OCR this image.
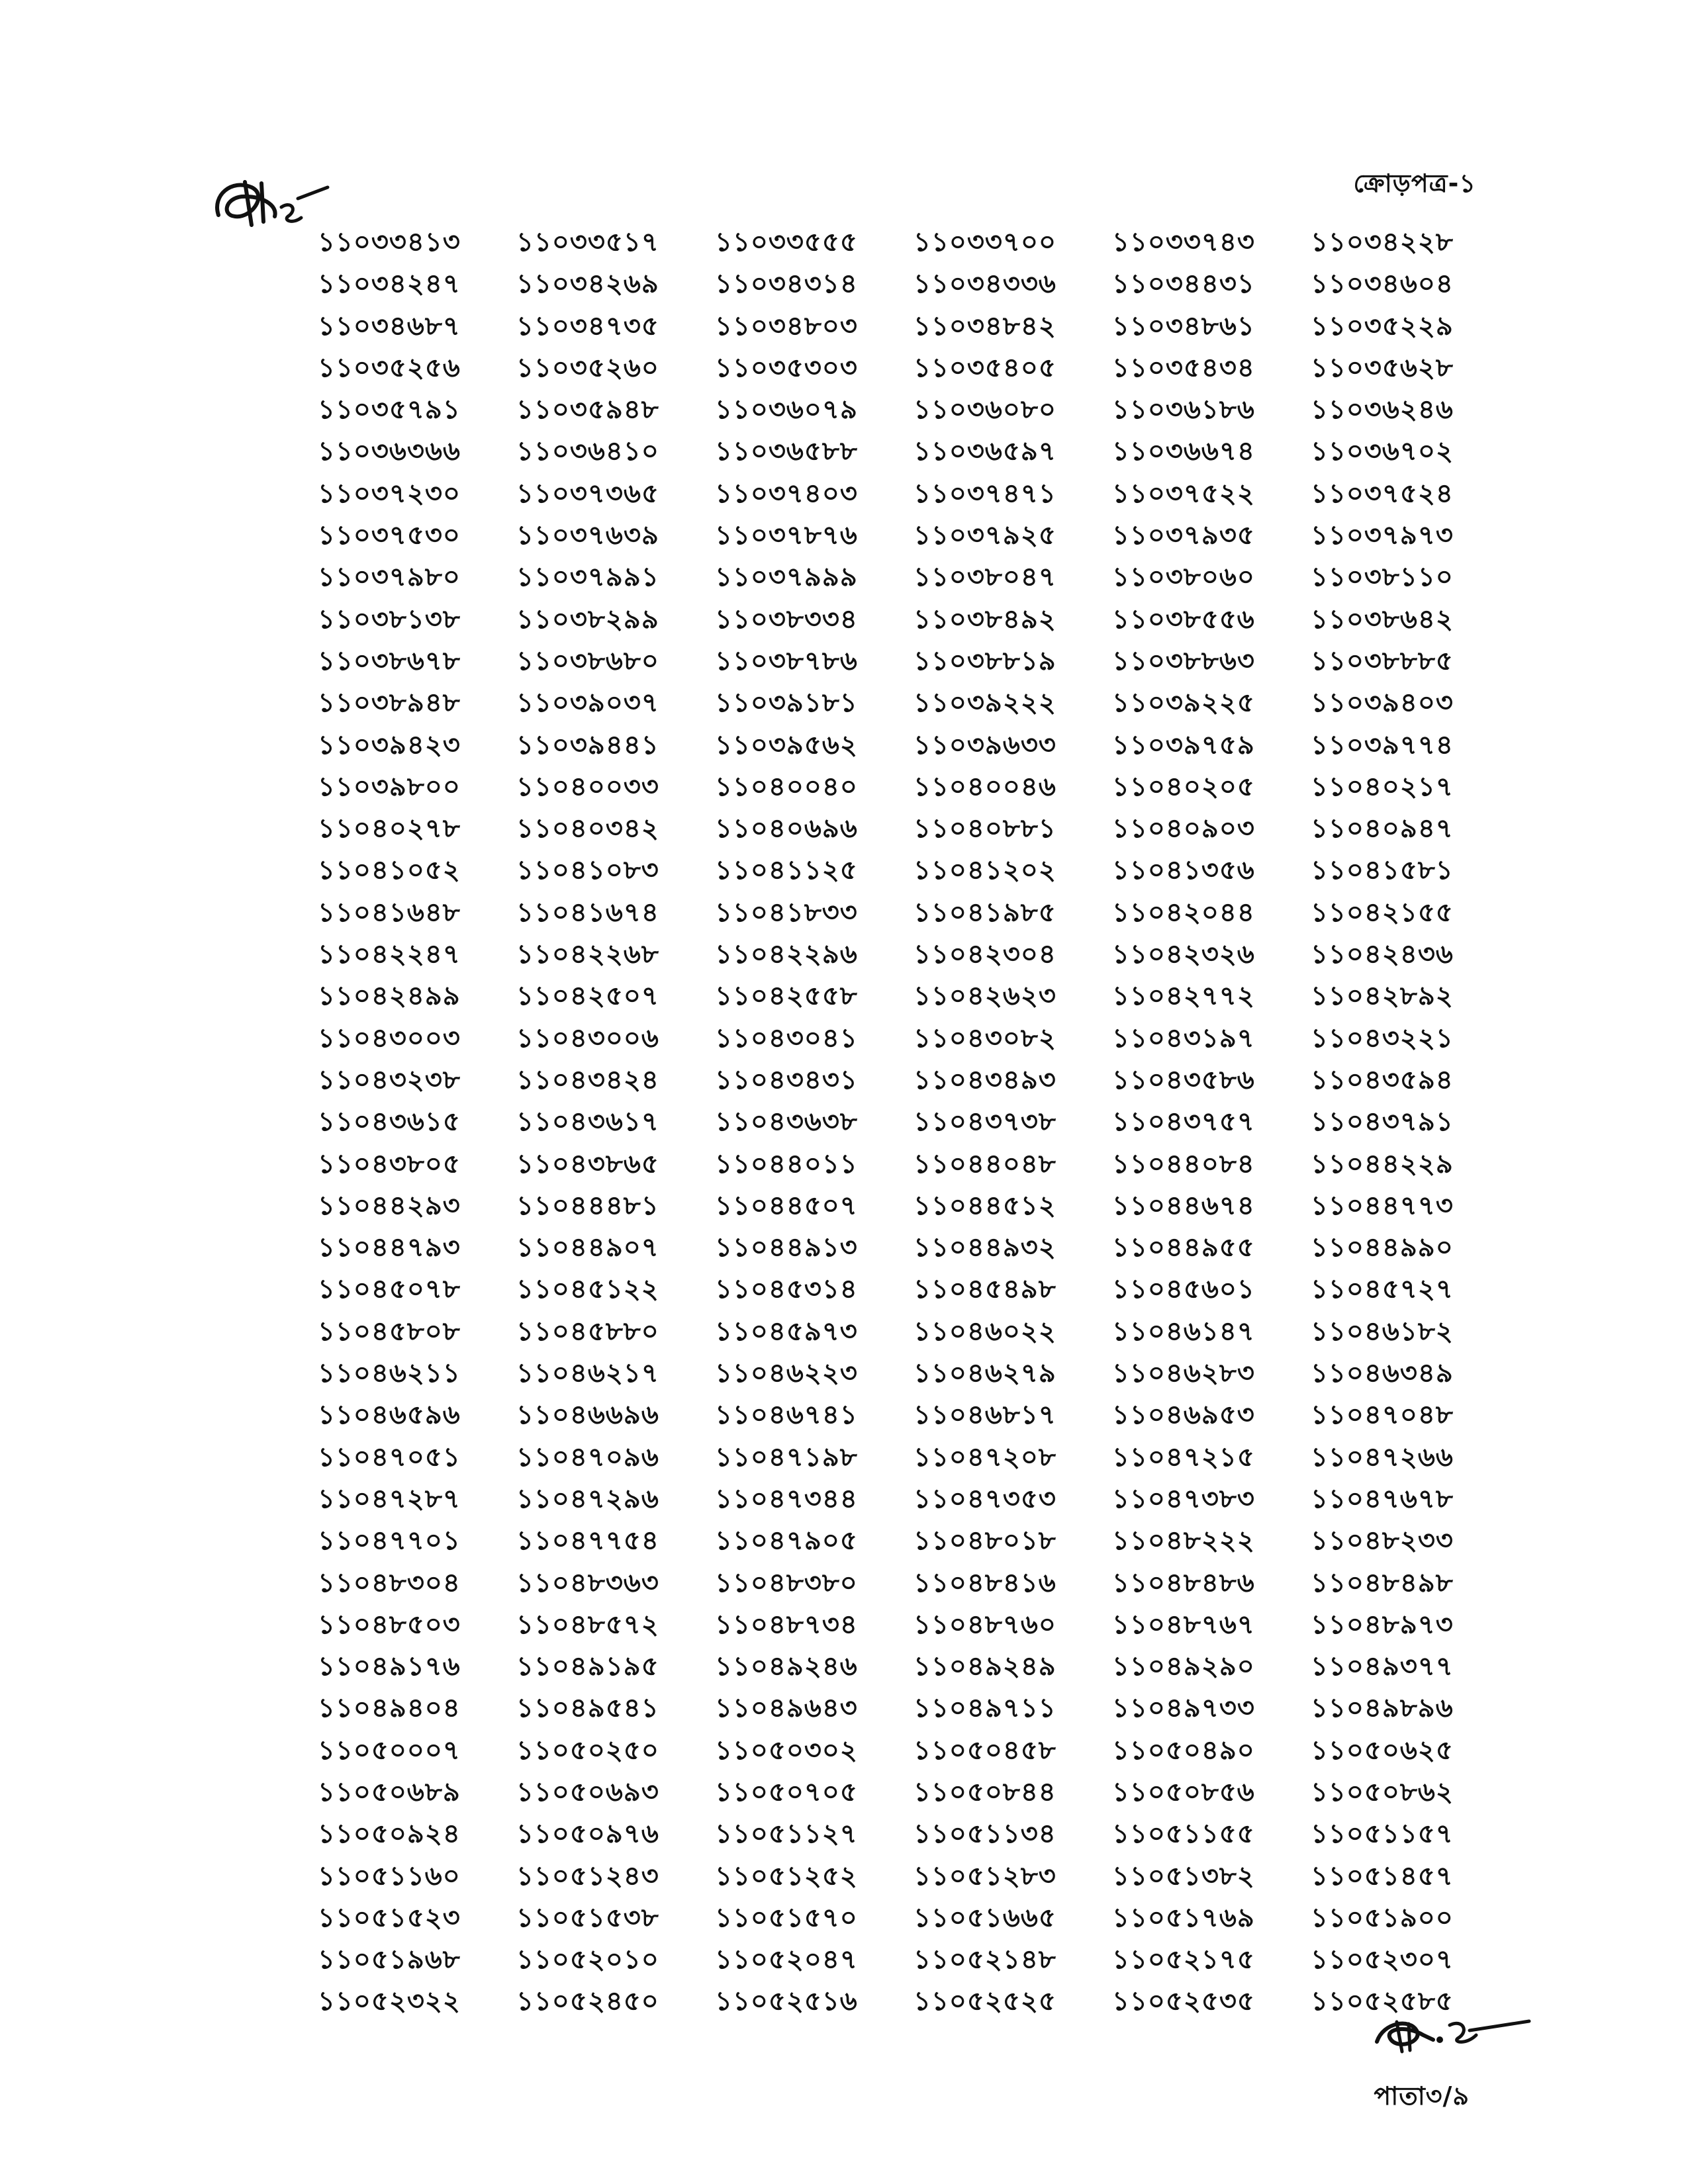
ক্রোড়পত্র-১
১১০৩৩৪১৩	১১০৩৩৫১৭	১১০৩৩৫৫৫	১১০৩৩৭০০	১১০৩৩৭৪৩	১১০৩৪২২৮
১১০৩৪২৪৭	১১০৩৪২৬৯	১১০৩৪৩১৪	১১০৩৪৩৩৬	১১০৩৪৪৩১	১১০৩৪৬০৪
১১০৩৪৬৮৭	১১০৩৪৭৩৫	১১০৩৪৮০৩	১১০৩৪৮৪২	১১০৩৪৮৬১	১১০৩৫২২৯
১১০৩৫২৫৬	১১০৩৫২৬০	১১০৩৫৩০৩	১১০৩৫৪০৫	১১০৩৫৪৩৪	১১০৩৫৬২৮
১১০৩৫৭৯১	১১০৩৫৯৪৮	১১০৩৬০৭৯	১১০৩৬০৮০	১১০৩৬১৮৬	১১০৩৬২৪৬
১১০৩৬৩৬৬	১১০৩৬৪১০	১১০৩৬৫৮৮	১১০৩৬৫৯৭	১১০৩৬৬৭৪	১১০৩৬৭০২
১১০৩৭২৩০	১১০৩৭৩৬৫	১১০৩৭৪০৩	১১০৩৭৪৭১	১১০৩৭৫২২	১১০৩৭৫২৪
১১০৩৭৫৩০	১১০৩৭৬৩৯	১১০৩৭৮৭৬	১১০৩৭৯২৫	১১০৩৭৯৩৫	১১০৩৭৯৭৩
১১০৩৭৯৮০	১১০৩৭৯৯১	১১০৩৭৯৯৯	১১০৩৮০৪৭	১১০৩৮০৬০	১১০৩৮১১০
১১০৩৮১৩৮	১১০৩৮২৯৯	১১০৩৮৩৩৪	১১০৩৮৪৯২	১১০৩৮৫৫৬	১১০৩৮৬৪২
১১০৩৮৬৭৮	১১০৩৮৬৮০	১১০৩৮৭৮৬	১১০৩৮৮১৯	১১০৩৮৮৬৩	১১০৩৮৮৮৫
১১০৩৮৯৪৮	১১০৩৯০৩৭	১১০৩৯১৮১	১১০৩৯২২২	১১০৩৯২২৫	১১০৩৯৪০৩
১১০৩৯৪২৩	১১০৩৯৪৪১	১১০৩৯৫৬২	১১০৩৯৬৩৩	১১০৩৯৭৫৯	১১০৩৯৭৭৪
১১০৩৯৮০০	১১০৪০০৩৩	১১০৪০০৪০	১১০৪০০৪৬	১১০৪০২০৫	১১০৪০২১৭
১১০৪০২৭৮	১১০৪০৩৪২	১১০৪০৬৯৬	১১০৪০৮৮১	১১০৪০৯০৩	১১০৪০৯৪৭
১১০৪১০৫২	১১০৪১০৮৩	১১০৪১১২৫	১১০৪১২০২	১১০৪১৩৫৬	১১০৪১৫৮১
১১০৪১৬৪৮	১১০৪১৬৭৪	১১০৪১৮৩৩	১১০৪১৯৮৫	১১০৪২০৪৪	১১০৪২১৫৫
১১০৪২২৪৭	১১০৪২২৬৮	১১০৪২২৯৬	১১০৪২৩০৪	১১০৪২৩২৬	১১০৪২৪৩৬
১১০৪২৪৯৯	১১০৪২৫০৭	১১০৪২৫৫৮	১১০৪২৬২৩	১১০৪২৭৭২	১১০৪২৮৯২
১১০৪৩০০৩	১১০৪৩০০৬	১১০৪৩০৪১	১১০৪৩০৮২	১১০৪৩১৯৭	১১০৪৩২২১
১১০৪৩২৩৮	১১০৪৩৪২৪	১১০৪৩৪৩১	১১০৪৩৪৯৩	১১০৪৩৫৮৬	১১০৪৩৫৯৪
১১০৪৩৬১৫	১১০৪৩৬১৭	১১০৪৩৬৩৮	১১০৪৩৭৩৮	১১০৪৩৭৫৭	১১০৪৩৭৯১
১১০৪৩৮০৫	১১০৪৩৮৬৫	১১০৪৪০১১	১১০৪৪০৪৮	১১০৪৪০৮৪	১১০৪৪২২৯
১১০৪৪২৯৩	১১০৪৪৪৮১	১১০৪৪৫০৭	১১০৪৪৫১২	১১০৪৪৬৭৪	১১০৪৪৭৭৩
১১০৪৪৭৯৩	১১০৪৪৯০৭	১১০৪৪৯১৩	১১০৪৪৯৩২	১১০৪৪৯৫৫	১১০৪৪৯৯০
১১০৪৫০৭৮	১১০৪৫১২২	১১০৪৫৩১৪	১১০৪৫৪৯৮	১১০৪৫৬০১	১১০৪৫৭২৭
১১০৪৫৮০৮	১১০৪৫৮৮০	১১০৪৫৯৭৩	১১০৪৬০২২	১১০৪৬১৪৭	১১০৪৬১৮২
১১০৪৬২১১	১১০৪৬২১৭	১১০৪৬২২৩	১১০৪৬২৭৯	১১০৪৬২৮৩	১১০৪৬৩৪৯
১১০৪৬৫৯৬	১১০৪৬৬৯৬	১১০৪৬৭৪১	১১০৪৬৮১৭	১১০৪৬৯৫৩	১১০৪৭০৪৮
১১০৪৭০৫১	১১০৪৭০৯৬	১১০৪৭১৯৮	১১০৪৭২০৮	১১০৪৭২১৫	১১০৪৭২৬৬
১১০৪৭২৮৭	১১০৪৭২৯৬	১১০৪৭৩৪৪	১১০৪৭৩৫৩	১১০৪৭৩৮৩	১১০৪৭৬৭৮
১১০৪৭৭০১	১১০৪৭৭৫৪	১১০৪৭৯০৫	১১০৪৮০১৮	১১০৪৮২২২	১১০৪৮২৩৩
১১০৪৮৩০৪	১১০৪৮৩৬৩	১১০৪৮৩৮০	১১০৪৮৪১৬	১১০৪৮৪৮৬	১১০৪৮৪৯৮
১১০৪৮৫০৩	১১০৪৮৫৭২	১১০৪৮৭৩৪	১১০৪৮৭৬০	১১০৪৮৭৬৭	১১০৪৮৯৭৩
১১০৪৯১৭৬	১১০৪৯১৯৫	১১০৪৯২৪৬	১১০৪৯২৪৯	১১০৪৯২৯০	১১০৪৯৩৭৭
১১০৪৯৪০৪	১১০৪৯৫৪১	১১০৪৯৬৪৩	১১০৪৯৭১১	১১০৪৯৭৩৩	১১০৪৯৮৯৬
১১০৫০০০৭	১১০৫০২৫০	১১০৫০৩০২	১১০৫০৪৫৮	১১০৫০৪৯০	১১০৫০৬২৫
১১০৫০৬৮৯	১১০৫০৬৯৩	১১০৫০৭০৫	১১০৫০৮৪৪	১১০৫০৮৫৬	১১০৫০৮৬২
১১০৫০৯২৪	১১০৫০৯৭৬	১১০৫১১২৭	১১০৫১১৩৪	১১০৫১১৫৫	১১০৫১১৫৭
১১০৫১১৬০	১১০৫১২৪৩	১১০৫১২৫২	১১০৫১২৮৩	১১০৫১৩৮২	১১০৫১৪৫৭
১১০৫১৫২৩	১১০৫১৫৩৮	১১০৫১৫৭০	১১০৫১৬৬৫	১১০৫১৭৬৯	১১০৫১৯০০
১১০৫১৯৬৮	১১০৫২০১০	১১০৫২০৪৭	১১০৫২১৪৮	১১০৫২১৭৫	১১০৫২৩০৭
১১০৫২৩২২	১১০৫২৪৫০	১১০৫২৫১৬	১১০৫২৫২৫	১১০৫২৫৩৫	১১০৫২৫৮৫
পাতা৩/৯
